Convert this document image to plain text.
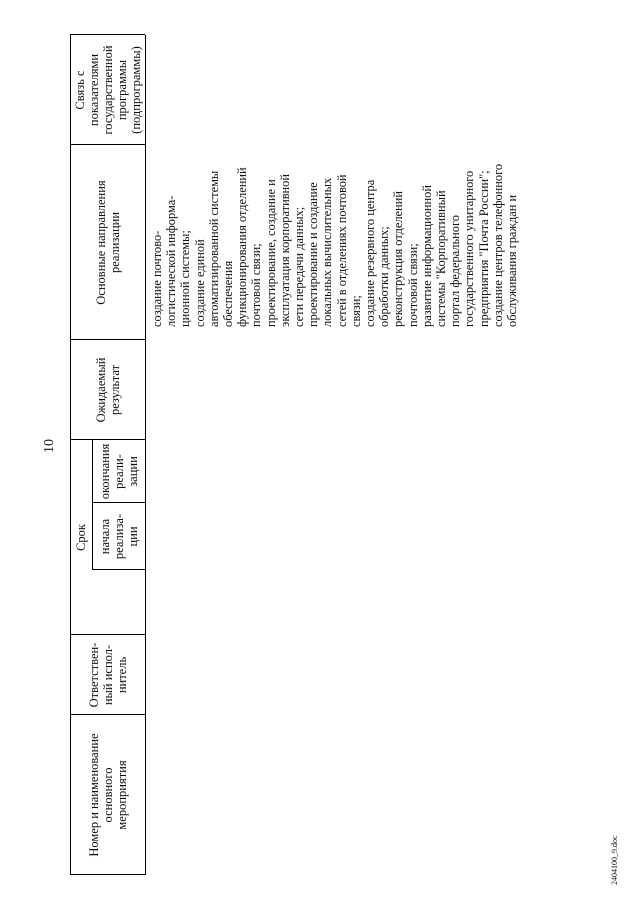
10
Номер и наименование основного мероприятия
Ответствен- ный испол- нитель
Срок начала реализа- ции
окончания реали- зации
Ожидаемый результат
Основные направления реализации
Связь с показателями государственной программы (подпрограммы)
создание почтово- логистической информа- ционной системы; создание единой автоматизированной системы обеспечения функционирования отделений почтовой связи; проектирование, создание и эксплуатация корпоративной сети передачи данных; проектирование и создание локальных вычислительных сетей в отделениях почтовой связи; создание резервного центра обработки данных; реконструкция отделений почтовой связи; развитие информационной системы "Корпоративный портал федерального государственного унитарного предприятия "Почта России"; создание центров телефонного обслуживания граждан и
2404100_9.doc
